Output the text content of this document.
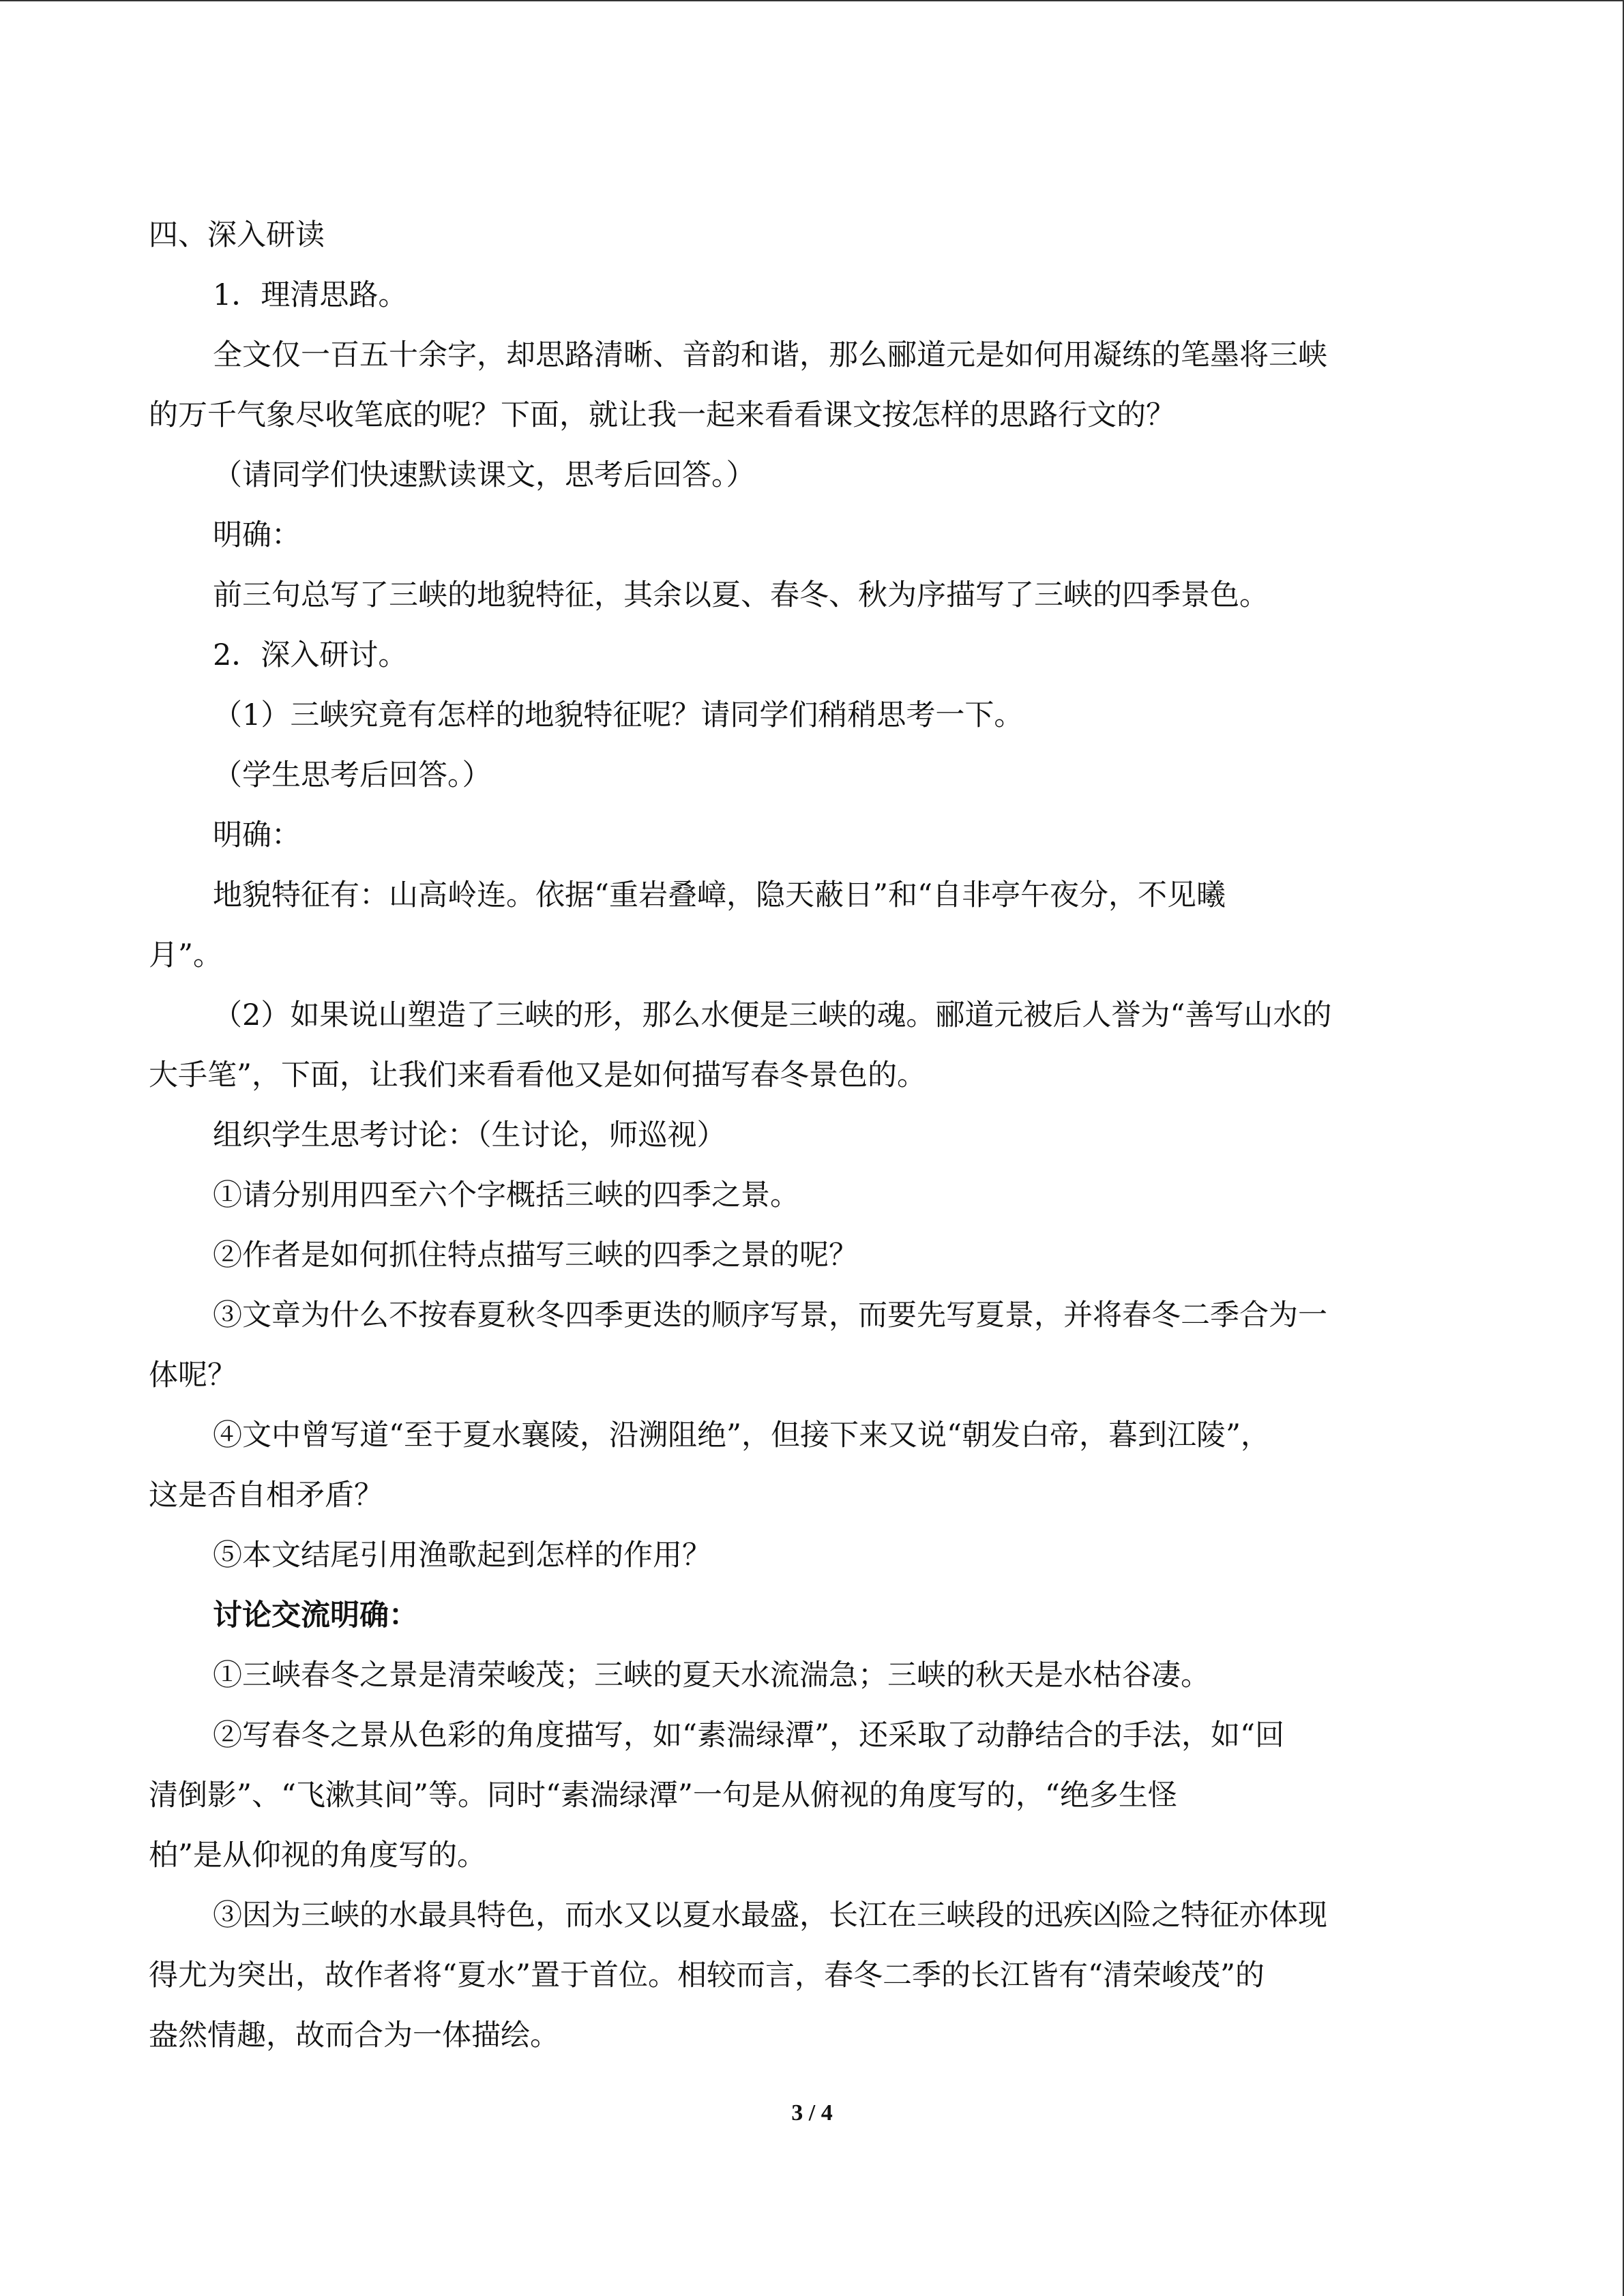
四、深入研读
1．理清思路。
全文仅一百五十余字，却思路清晰、音韵和谐，那么郦道元是如何用凝练的笔墨将三峡
的万千气象尽收笔底的呢？下面，就让我一起来看看课文按怎样的思路行文的？
（请同学们快速默读课文，思考后回答。）
明确：
前三句总写了三峡的地貌特征，其余以夏、春冬、秋为序描写了三峡的四季景色。
2．深入研讨。
（1）三峡究竟有怎样的地貌特征呢？请同学们稍稍思考一下。
（学生思考后回答。）
明确：
地貌特征有：山高岭连。依据“重岩叠嶂，隐天蔽日”和“自非亭午夜分，不见曦
月”。
（2）如果说山塑造了三峡的形，那么水便是三峡的魂。郦道元被后人誉为“善写山水的
大手笔”，下面，让我们来看看他又是如何描写春冬景色的。
组织学生思考讨论：（生讨论，师巡视）
①请分别用四至六个字概括三峡的四季之景。
②作者是如何抓住特点描写三峡的四季之景的呢？
③文章为什么不按春夏秋冬四季更迭的顺序写景，而要先写夏景，并将春冬二季合为一
体呢？
④文中曾写道“至于夏水襄陵，沿溯阻绝”，但接下来又说“朝发白帝，暮到江陵”，
这是否自相矛盾？
⑤本文结尾引用渔歌起到怎样的作用？
讨论交流明确：
①三峡春冬之景是清荣峻茂；三峡的夏天水流湍急；三峡的秋天是水枯谷凄。
②写春冬之景从色彩的角度描写，如“素湍绿潭”，还采取了动静结合的手法，如“回
清倒影”、“飞漱其间”等。同时“素湍绿潭”一句是从俯视的角度写的，“绝多生怪
柏”是从仰视的角度写的。
③因为三峡的水最具特色，而水又以夏水最盛，长江在三峡段的迅疾凶险之特征亦体现
得尤为突出，故作者将“夏水”置于首位。相较而言，春冬二季的长江皆有“清荣峻茂”的
盎然情趣，故而合为一体描绘。
3 / 4
